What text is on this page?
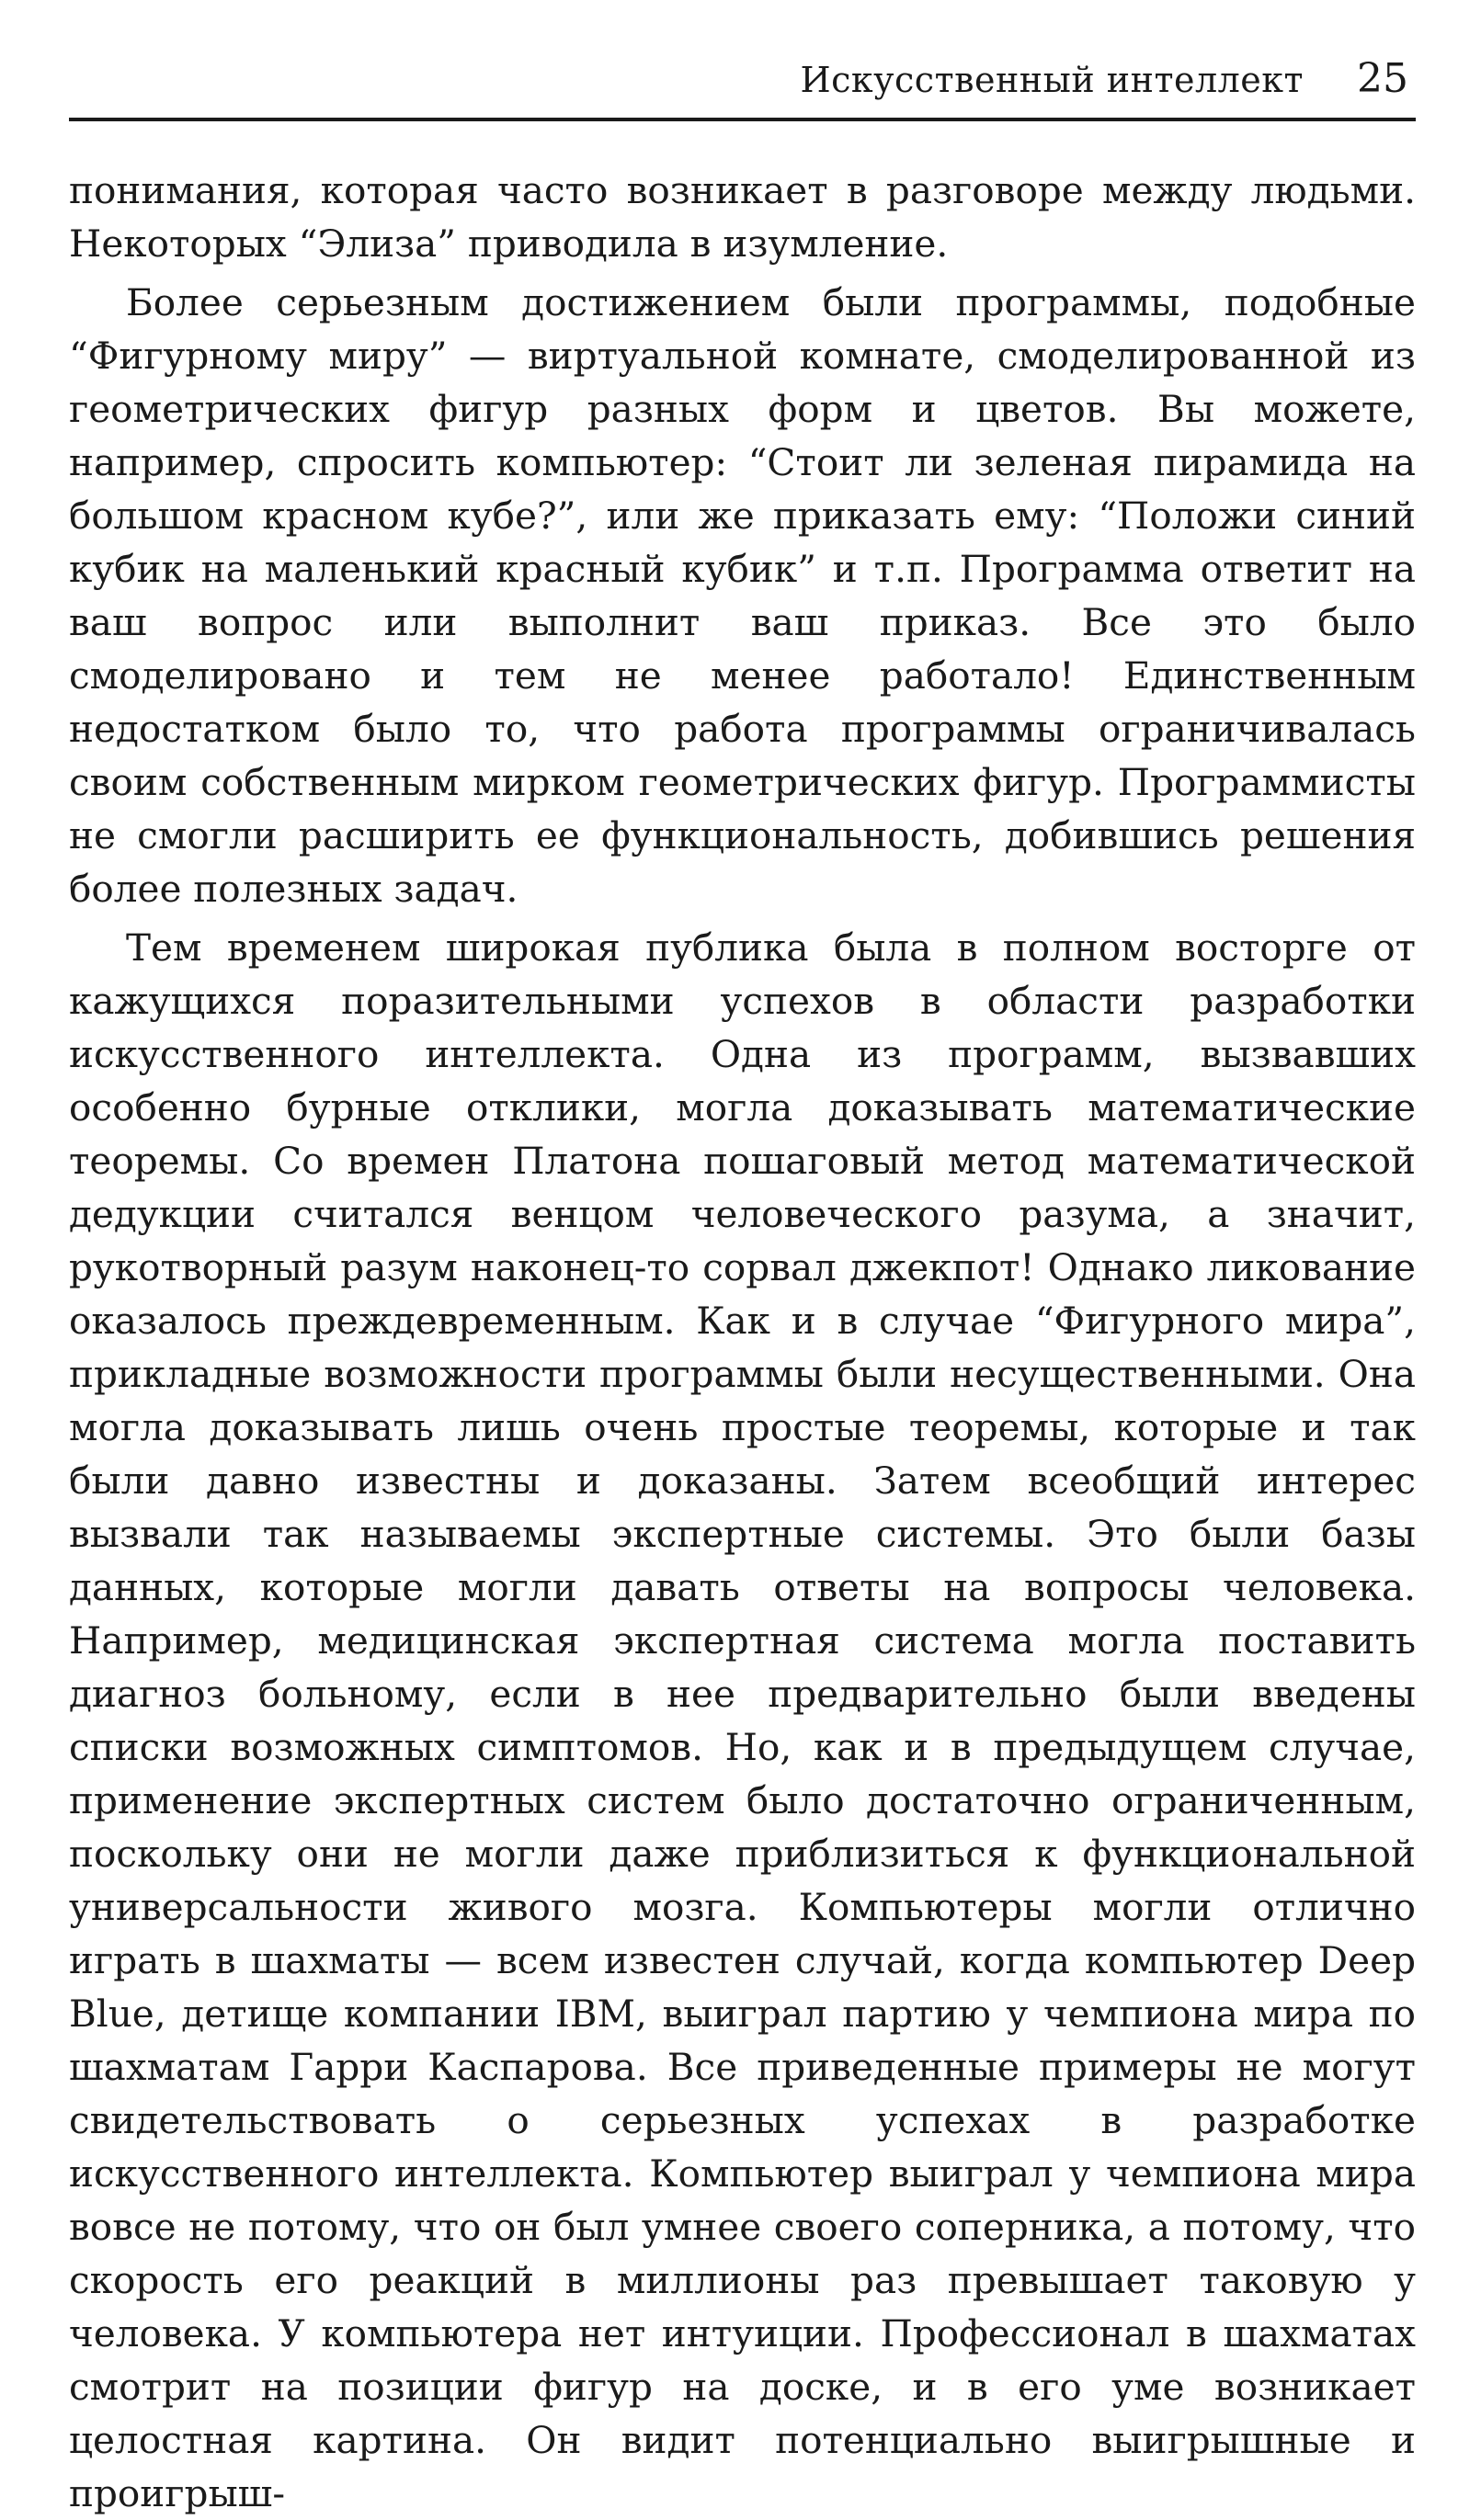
Искусственный интеллект 25

понимания, которая часто возникает в разговоре между людьми. Некоторых “Элиза” приводила в изумление.

Более серьезным достижением были программы, подобные “Фигурному миру” — виртуальной комнате, смоделированной из геометрических фигур разных форм и цветов. Вы можете, например, спросить компьютер: “Стоит ли зеленая пирамида на большом красном кубе?”, или же приказать ему: “Положи синий кубик на маленький красный кубик” и т.п. Программа ответит на ваш вопрос или выполнит ваш приказ. Все это было смоделировано и тем не менее работало! Единственным недостатком было то, что работа программы ограничивалась своим собственным мирком геометрических фигур. Программисты не смогли расширить ее функциональность, добившись решения более полезных задач.

Тем временем широкая публика была в полном восторге от кажущихся поразительными успехов в области разработки искусственного интеллекта. Одна из программ, вызвавших особенно бурные отклики, могла доказывать математические теоремы. Со времен Платона пошаговый метод математической дедукции считался венцом человеческого разума, а значит, рукотворный разум наконец-то сорвал джекпот! Однако ликование оказалось преждевременным. Как и в случае “Фигурного мира”, прикладные возможности программы были несущественными. Она могла доказывать лишь очень простые теоремы, которые и так были давно известны и доказаны. Затем всеобщий интерес вызвали так называемы экспертные системы. Это были базы данных, которые могли давать ответы на вопросы человека. Например, медицинская экспертная система могла поставить диагноз больному, если в нее предварительно были введены списки возможных симптомов. Но, как и в предыдущем случае, применение экспертных систем было достаточно ограниченным, поскольку они не могли даже приблизиться к функциональной универсальности живого мозга. Компьютеры могли отлично играть в шахматы — всем известен случай, когда компьютер Deep Blue, детище компании IBM, выиграл партию у чемпиона мира по шахматам Гарри Каспарова. Все приведенные примеры не могут свидетельствовать о серьезных успехах в разработке искусственного интеллекта. Компьютер выиграл у чемпиона мира вовсе не потому, что он был умнее своего соперника, а потому, что скорость его реакций в миллионы раз превышает таковую у человека. У компьютера нет интуиции. Профессионал в шахматах смотрит на позиции фигур на доске, и в его уме возникает целостная картина. Он видит потенциально выигрышные и проигрыш-
